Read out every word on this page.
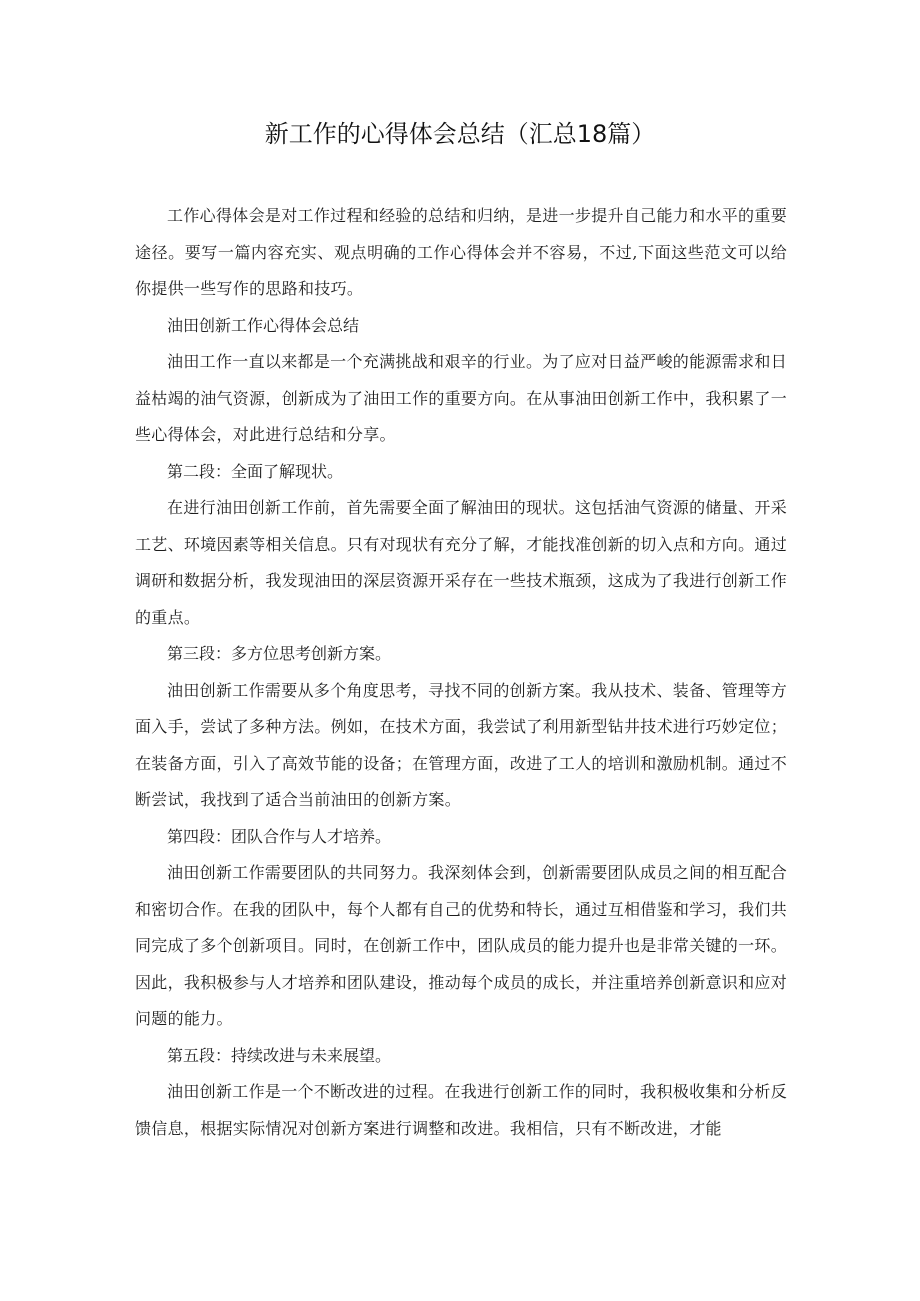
新工作的心得体会总结（汇总18篇）

工作心得体会是对工作过程和经验的总结和归纳，是进一步提升自己能力和水平的重要途径。要写一篇内容充实、观点明确的工作心得体会并不容易，不过,下面这些范文可以给你提供一些写作的思路和技巧。

油田创新工作心得体会总结

油田工作一直以来都是一个充满挑战和艰辛的行业。为了应对日益严峻的能源需求和日益枯竭的油气资源，创新成为了油田工作的重要方向。在从事油田创新工作中，我积累了一些心得体会，对此进行总结和分享。

第二段：全面了解现状。

在进行油田创新工作前，首先需要全面了解油田的现状。这包括油气资源的储量、开采工艺、环境因素等相关信息。只有对现状有充分了解，才能找准创新的切入点和方向。通过调研和数据分析，我发现油田的深层资源开采存在一些技术瓶颈，这成为了我进行创新工作的重点。

第三段：多方位思考创新方案。

油田创新工作需要从多个角度思考，寻找不同的创新方案。我从技术、装备、管理等方面入手，尝试了多种方法。例如，在技术方面，我尝试了利用新型钻井技术进行巧妙定位；在装备方面，引入了高效节能的设备；在管理方面，改进了工人的培训和激励机制。通过不断尝试，我找到了适合当前油田的创新方案。

第四段：团队合作与人才培养。

油田创新工作需要团队的共同努力。我深刻体会到，创新需要团队成员之间的相互配合和密切合作。在我的团队中，每个人都有自己的优势和特长，通过互相借鉴和学习，我们共同完成了多个创新项目。同时，在创新工作中，团队成员的能力提升也是非常关键的一环。因此，我积极参与人才培养和团队建设，推动每个成员的成长，并注重培养创新意识和应对问题的能力。

第五段：持续改进与未来展望。

油田创新工作是一个不断改进的过程。在我进行创新工作的同时，我积极收集和分析反馈信息，根据实际情况对创新方案进行调整和改进。我相信，只有不断改进，才能
